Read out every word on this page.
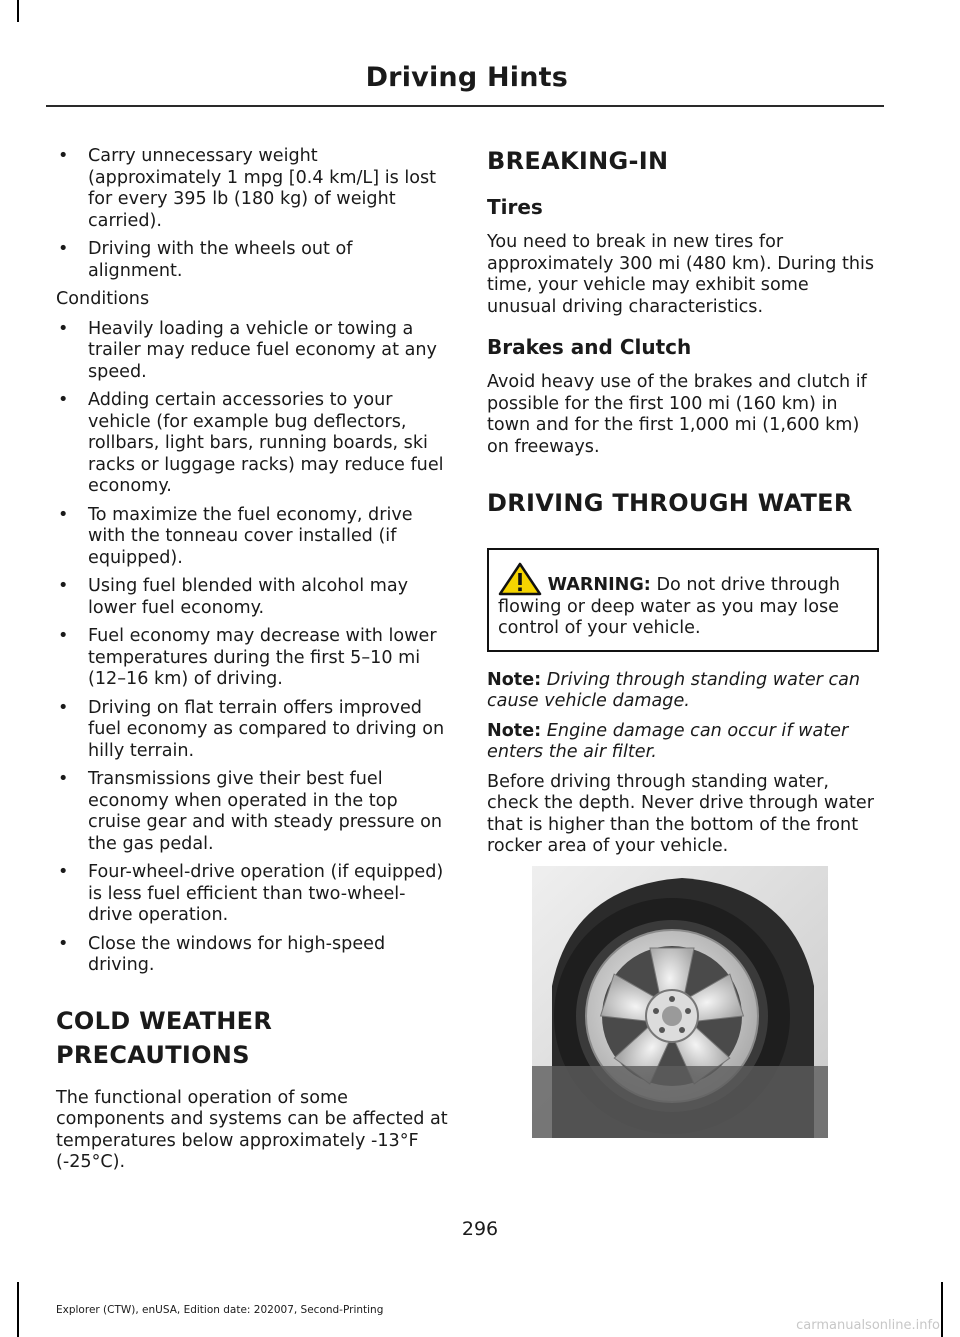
Driving Hints
• Carry unnecessary weight (approximately 1 mpg [0.4 km/L] is lost for every 395 lb (180 kg) of weight carried).
• Driving with the wheels out of alignment.

Conditions

• Heavily loading a vehicle or towing a trailer may reduce fuel economy at any speed.
• Adding certain accessories to your vehicle (for example bug deflectors, rollbars, light bars, running boards, ski racks or luggage racks) may reduce fuel economy.
• To maximize the fuel economy, drive with the tonneau cover installed (if equipped).
• Using fuel blended with alcohol may lower fuel economy.
• Fuel economy may decrease with lower temperatures during the first 5–10 mi (12–16 km) of driving.
• Driving on flat terrain offers improved fuel economy as compared to driving on hilly terrain.
• Transmissions give their best fuel economy when operated in the top cruise gear and with steady pressure on the gas pedal.
• Four-wheel-drive operation (if equipped) is less fuel efficient than two-wheel-drive operation.
• Close the windows for high-speed driving.
COLD WEATHER
PRECAUTIONS

The functional operation of some components and systems can be affected at temperatures below approximately -13°F (-25°C).

BREAKING-IN
Tires

You need to break in new tires for approximately 300 mi (480 km). During this time, your vehicle may exhibit some unusual driving characteristics.

Brakes and Clutch

Avoid heavy use of the brakes and clutch if possible for the first 100 mi (160 km) in town and for the first 1,000 mi (1,600 km) on freeways.

DRIVING THROUGH WATER
WARNING: Do not drive through flowing or deep water as you may lose control of your vehicle.

Note: Driving through standing water can cause vehicle damage.

Note: Engine damage can occur if water enters the air filter.

Before driving through standing water, check the depth. Never drive through water that is higher than the bottom of the front rocker area of your vehicle.

296
Explorer (CTW), enUSA, Edition date: 202007, Second-Printing
carmanualsonline.info
